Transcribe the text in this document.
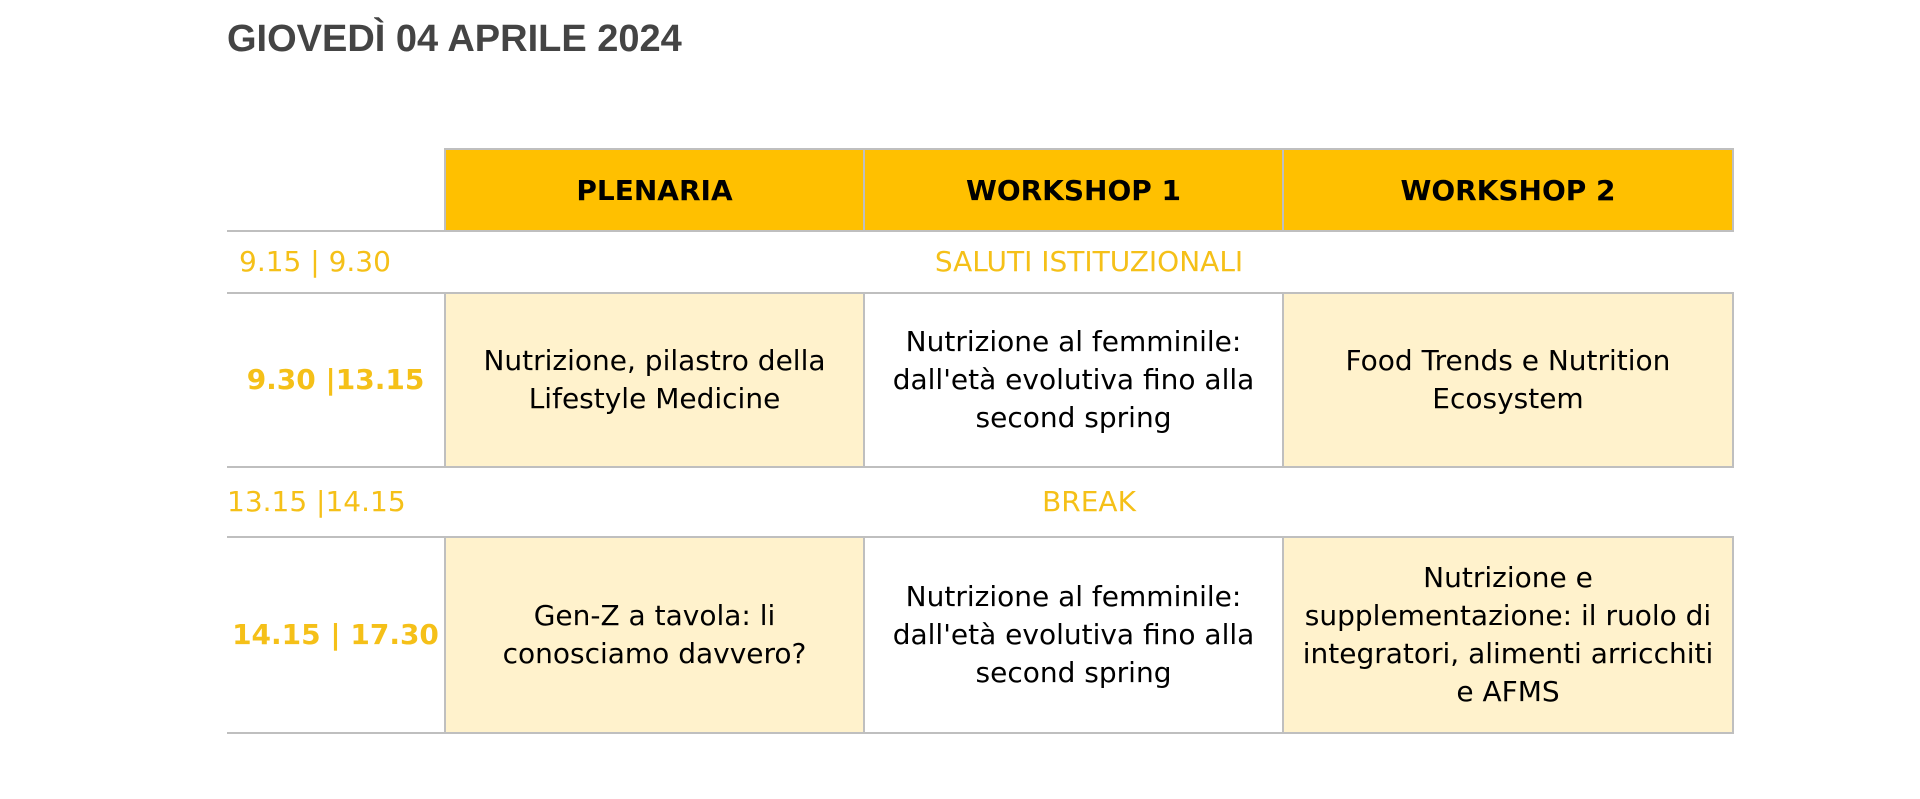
GIOVEDÌ 04 APRILE 2024
	PLENARIA	WORKSHOP 1	WORKSHOP 2
9.15 | 9.30	SALUTI ISTITUZIONALI		
9.30 |13.15	Nutrizione, pilastro della Lifestyle Medicine	Nutrizione al femminile: dall'età evolutiva fino alla second spring	Food Trends e Nutrition Ecosystem
13.15 |14.15	BREAK		
14.15 | 17.30	Gen-Z a tavola: li conosciamo davvero?	Nutrizione al femminile: dall'età evolutiva fino alla second spring	Nutrizione e supplementazione: il ruolo di integratori, alimenti arricchiti e AFMS
